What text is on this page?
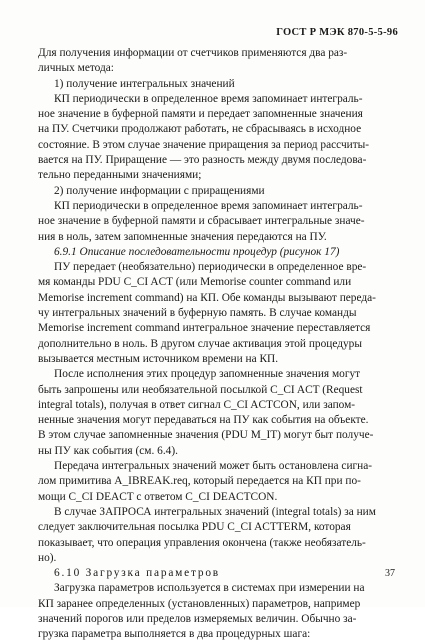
ГОСТ Р МЭК 870-5-5-96
Для получения информации от счетчиков применяются два раз-
личных метода:
1) получение интегральных значений
КП периодически в определенное время запоминает интеграль-
ное значение в буферной памяти и передает запомненные значения
на ПУ. Счетчики продолжают работать, не сбрасываясь в исходное
состояние. В этом случае значение приращения за период рассчиты-
вается на ПУ. Приращение — это разность между двумя последова-
тельно переданными значениями;
2) получение информации с приращениями
КП периодически в определенное время запоминает интеграль-
ное значение в буферной памяти и сбрасывает интегральные значе-
ния в ноль, затем запомненные значения передаются на ПУ.
6.9.1 Описание последовательности процедур (рисунок 17)
ПУ передает (необязательно) периодически в определенное вре-
мя команды PDU C_CI ACT (или Memorise counter command или
Memorise increment command) на КП. Обе команды вызывают переда-
чу интегральных значений в буферную память. В случае команды
Memorise increment command интегральное значение переставляется
дополнительно в ноль. В другом случае активация этой процедуры
вызывается местным источником времени на КП.
После исполнения этих процедур запомненные значения могут
быть запрошены или необязательной посылкой C_CI ACT (Request
integral totals), получая в ответ сигнал C_CI ACTCON, или запом-
ненные значения могут передаваться на ПУ как события на объекте.
В этом случае запомненные значения (PDU M_IT) могут быт получе-
ны ПУ как события (см. 6.4).
Передача интегральных значений может быть остановлена сигна-
лом примитива A_IBREAK.req, который передается на КП при по-
мощи C_CI DEACT с ответом C_CI DEACTCON.
В случае ЗАПРОСА интегральных значений (integral totals) за ним
следует заключительная посылка PDU C_CI ACTTERM, которая
показывает, что операция управления окончена (также необязатель-
но).
6.10 Загрузка параметров
Загрузка параметров используется в системах при измерении на
КП заранее определенных (установленных) параметров, например
значений порогов или пределов измеряемых величин. Обычно за-
грузка параметра выполняется в два процедурных шага:
37
